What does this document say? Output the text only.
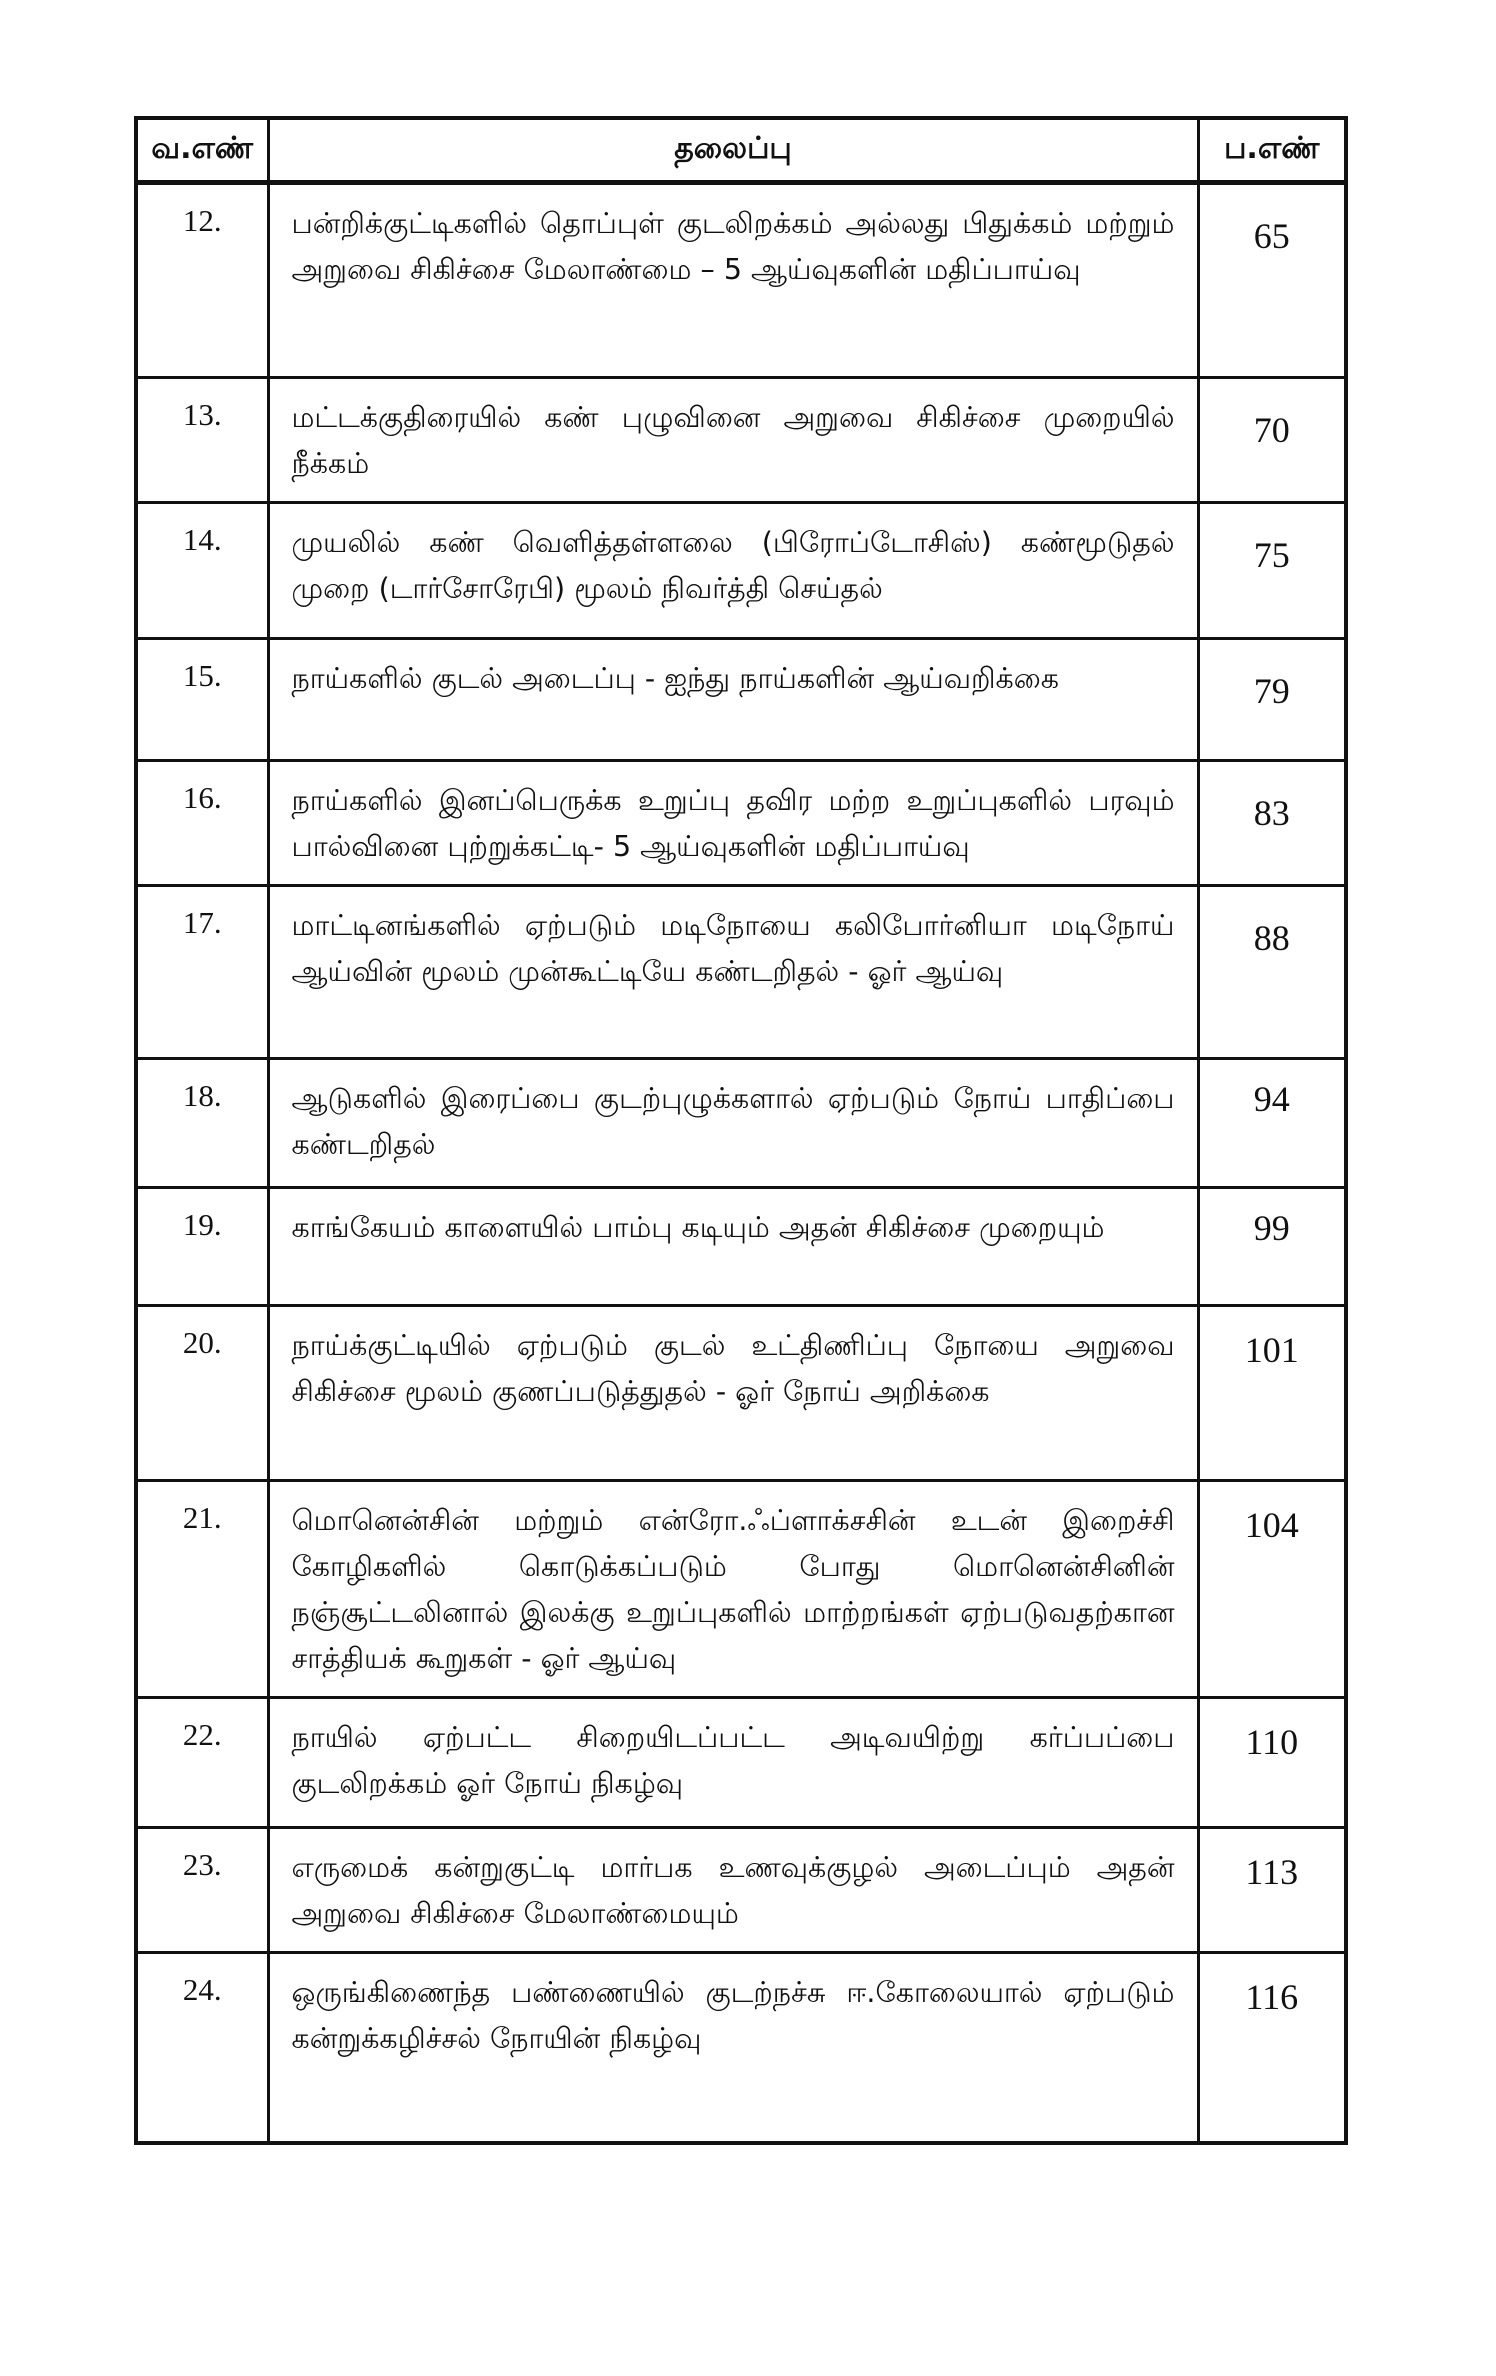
வ.எண்	தலைப்பு	ப.எண்
12.	பன்றிக்குட்டிகளில் தொப்புள் குடலிறக்கம் அல்லது பிதுக்கம் மற்றும் அறுவை சிகிச்சை மேலாண்மை – 5 ஆய்வுகளின் மதிப்பாய்வு	65
13.	மட்டக்குதிரையில் கண் புழுவினை அறுவை சிகிச்சை முறையில் நீக்கம்	70
14.	முயலில் கண் வெளித்தள்ளலை (பிரோப்டோசிஸ்) கண்மூடுதல் முறை (டார்சோரேபி) மூலம் நிவர்த்தி செய்தல்	75
15.	நாய்களில் குடல் அடைப்பு - ஐந்து நாய்களின் ஆய்வறிக்கை	79
16.	நாய்களில் இனப்பெருக்க உறுப்பு தவிர மற்ற உறுப்புகளில் பரவும் பால்வினை புற்றுக்கட்டி- 5 ஆய்வுகளின் மதிப்பாய்வு	83
17.	மாட்டினங்களில் ஏற்படும் மடிநோயை கலிபோர்னியா மடிநோய் ஆய்வின் மூலம் முன்கூட்டியே கண்டறிதல் - ஓர் ஆய்வு	88
18.	ஆடுகளில் இரைப்பை குடற்புழுக்களால் ஏற்படும் நோய் பாதிப்பை கண்டறிதல்	94
19.	காங்கேயம் காளையில் பாம்பு கடியும் அதன் சிகிச்சை முறையும்	99
20.	நாய்க்குட்டியில் ஏற்படும் குடல் உட்திணிப்பு நோயை அறுவை சிகிச்சை மூலம் குணப்படுத்துதல் - ஓர் நோய் அறிக்கை	101
21.	மொனென்சின் மற்றும் என்ரோ.ஃப்ளாக்சசின் உடன் இறைச்சி கோழிகளில் கொடுக்கப்படும் போது மொனென்சினின் நஞ்சூட்டலினால் இலக்கு உறுப்புகளில் மாற்றங்கள் ஏற்படுவதற்கான சாத்தியக் கூறுகள் - ஓர் ஆய்வு	104
22.	நாயில் ஏற்பட்ட சிறையிடப்பட்ட அடிவயிற்று கர்ப்பப்பை குடலிறக்கம் ஓர் நோய் நிகழ்வு	110
23.	எருமைக் கன்றுகுட்டி மார்பக உணவுக்குழல் அடைப்பும் அதன் அறுவை சிகிச்சை மேலாண்மையும்	113
24.	ஒருங்கிணைந்த பண்ணையில் குடற்நச்சு ஈ.கோலையால் ஏற்படும் கன்றுக்கழிச்சல் நோயின் நிகழ்வு	116
